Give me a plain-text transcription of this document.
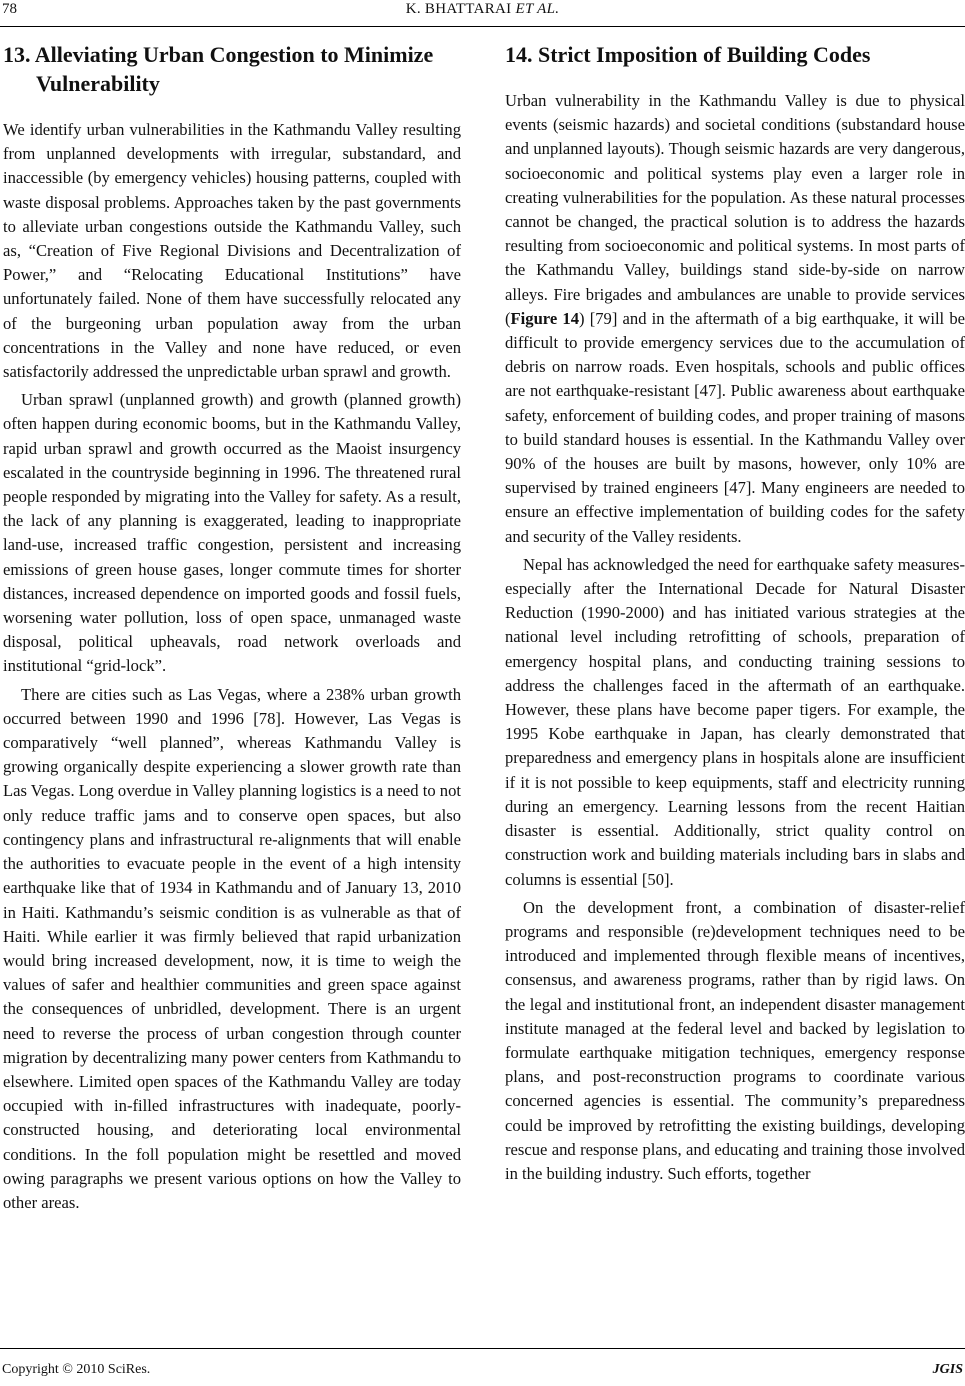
78	K. BHATTARAI ET AL.
13. Alleviating Urban Congestion to Minimize Vulnerability

We identify urban vulnerabilities in the Kathmandu Valley resulting from unplanned developments with irregular, substandard, and inaccessible (by emergency vehicles) housing patterns, coupled with waste disposal problems. Approaches taken by the past governments to alleviate urban congestions outside the Kathmandu Valley, such as, “Creation of Five Regional Divisions and Decentralization of Power,” and “Relocating Educational Institutions” have unfortunately failed. None of them have successfully relocated any of the burgeoning urban population away from the urban concentrations in the Valley and none have reduced, or even satisfactorily addressed the unpredictable urban sprawl and growth.

Urban sprawl (unplanned growth) and growth (planned growth) often happen during economic booms, but in the Kathmandu Valley, rapid urban sprawl and growth occurred as the Maoist insurgency escalated in the countryside beginning in 1996. The threatened rural people responded by migrating into the Valley for safety. As a result, the lack of any planning is exaggerated, leading to inappropriate land-use, increased traffic congestion, persistent and increasing emissions of green house gases, longer commute times for shorter distances, increased dependence on imported goods and fossil fuels, worsening water pollution, loss of open space, unmanaged waste disposal, political upheavals, road network overloads and institutional “grid-lock”.

There are cities such as Las Vegas, where a 238% urban growth occurred between 1990 and 1996 [78]. However, Las Vegas is comparatively “well planned”, whereas Kathmandu Valley is growing organically despite experiencing a slower growth rate than Las Vegas. Long overdue in Valley planning logistics is a need to not only reduce traffic jams and to conserve open spaces, but also contingency plans and infrastructural re-alignments that will enable the authorities to evacuate people in the event of a high intensity earthquake like that of 1934 in Kathmandu and of January 13, 2010 in Haiti. Kathmandu’s seismic condition is as vulnerable as that of Haiti. While earlier it was firmly believed that rapid urbanization would bring increased development, now, it is time to weigh the values of safer and healthier communities and green space against the consequences of unbridled, development. There is an urgent need to reverse the process of urban congestion through counter migration by decentralizing many power centers from Kathmandu to elsewhere. Limited open spaces of the Kathmandu Valley are today occupied with in-filled infrastructures with inadequate, poorly-constructed housing, and deteriorating local environmental conditions. In the foll population might be resettled and moved owing paragraphs we present various options on how the Valley to other areas.

14. Strict Imposition of Building Codes

Urban vulnerability in the Kathmandu Valley is due to physical events (seismic hazards) and societal conditions (substandard house and unplanned layouts). Though seismic hazards are very dangerous, socioeconomic and political systems play even a larger role in creating vulnerabilities for the population. As these natural processes cannot be changed, the practical solution is to address the hazards resulting from socioeconomic and political systems. In most parts of the Kathmandu Valley, buildings stand side-by-side on narrow alleys. Fire brigades and ambulances are unable to provide services (Figure 14) [79] and in the aftermath of a big earthquake, it will be difficult to provide emergency services due to the accumulation of debris on narrow roads. Even hospitals, schools and public offices are not earthquake-resistant [47]. Public awareness about earthquake safety, enforcement of building codes, and proper training of masons to build standard houses is essential. In the Kathmandu Valley over 90% of the houses are built by masons, however, only 10% are supervised by trained engineers [47]. Many engineers are needed to ensure an effective implementation of building codes for the safety and security of the Valley residents.

Nepal has acknowledged the need for earthquake safety measures-especially after the International Decade for Natural Disaster Reduction (1990-2000) and has initiated various strategies at the national level including retrofitting of schools, preparation of emergency hospital plans, and conducting training sessions to address the challenges faced in the aftermath of an earthquake. However, these plans have become paper tigers. For example, the 1995 Kobe earthquake in Japan, has clearly demonstrated that preparedness and emergency plans in hospitals alone are insufficient if it is not possible to keep equipments, staff and electricity running during an emergency. Learning lessons from the recent Haitian disaster is essential. Additionally, strict quality control on construction work and building materials including bars in slabs and columns is essential [50].

On the development front, a combination of disaster-relief programs and responsible (re)development techniques need to be introduced and implemented through flexible means of incentives, consensus, and awareness programs, rather than by rigid laws. On the legal and institutional front, an independent disaster management institute managed at the federal level and backed by legislation to formulate earthquake mitigation techniques, emergency response plans, and post-reconstruction programs to coordinate various concerned agencies is essential. The community’s preparedness could be improved by retrofitting the existing buildings, developing rescue and response plans, and educating and training those involved in the building industry. Such efforts, together

Copyright © 2010 SciRes.	JGIS
